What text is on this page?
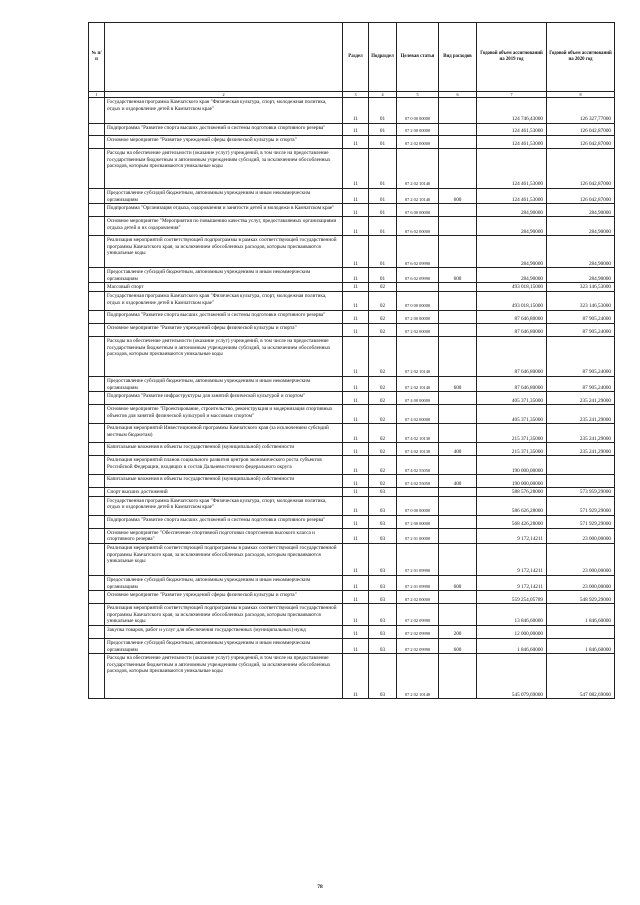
№ п/п		Раздел	Подраздел	Целевая статья	Вид расходов	Годовой объем ассигнований на 2019 год	Годовой объем ассигнований на 2020 год
1	2	3	4	5	6	7	8
	Государственная программа Камчатского края "Физическая культура, спорт, молодежная политика, отдых и оздоровление детей в Камчатском крае"	11	01	07 0 00 00000		124 746,43000	126 327,77000
	Подпрограмма "Развитие спорта высших достижений и системы подготовки спортивного резерва"	11	01	07 2 00 00000		124 461,53000	126 042,87000
	Основное мероприятие "Развитие учреждений сферы физической культуры и спорта"	11	01	07 2 02 00000		124 461,53000	126 042,87000
	Расходы на обеспечение деятельности (оказание услуг) учреждений, в том числе на предоставление государственным бюджетным и автономным учреждениям субсидий, за исключением обособленных расходов, которым присваиваются уникальные коды	11	01	07 2 02 10140		124 461,53000	126 042,87000
	Предоставление субсидий бюджетным, автономным учреждениям и иным некоммерческим организациям	11	01	07 2 02 10140	600	124 461,53000	126 042,87000
	Подпрограмма "Организация отдыха, оздоровления и занятости детей и молодежи в Камчатском крае"	11	01	07 6 00 00000		284,90000	284,90000
	Основное мероприятие "Мероприятия по повышению качества услуг, предоставляемых организациями отдыха детей и их оздоровления"	11	01	07 6 02 00000		284,90000	284,90000
	Реализация мероприятий соответствующей подпрограммы в рамках соответствующей государственной программы Камчатского края, за исключением обособленных расходов, которым присваиваются уникальные коды	11	01	07 6 02 09990		284,90000	284,90000
	Предоставление субсидий бюджетным, автономным учреждениям и иным некоммерческим организациям	11	01	07 6 02 09990	600	284,90000	284,90000
	Массовый спорт	11	02			493 018,15000	323 146,53000
	Государственная программа Камчатского края "Физическая культура, спорт, молодежная политика, отдых и оздоровление детей в Камчатском крае"	11	02	07 0 00 00000		493 018,15000	323 146,53000
	Подпрограмма "Развитие спорта высших достижений и системы подготовки спортивного резерва"	11	02	07 2 00 00000		87 646,80000	87 905,24000
	Основное мероприятие "Развитие учреждений сферы физической культуры и спорта"	11	02	07 2 02 00000		87 646,80000	87 905,24000
	Расходы на обеспечение деятельности (оказание услуг) учреждений, в том числе на предоставление государственным бюджетным и автономным учреждениям субсидий, за исключением обособленных расходов, которым присваиваются уникальные коды	11	02	07 2 02 10140		87 646,80000	87 905,24000
	Предоставление субсидий бюджетным, автономным учреждениям и иным некоммерческим организациям	11	02	07 2 02 10140	600	87 646,80000	87 905,24000
	Подпрограмма "Развитие инфраструктуры для занятий физической культурой и спортом"	11	02	07 4 00 00000		405 371,35000	235 241,29000
	Основное мероприятие "Проектирование, строительство, реконструкция и модернизация спортивных объектов для занятий физической культурой и массовым спортом"	11	02	07 4 02 00000		405 371,35000	235 241,29000
	Реализация мероприятий Инвестиционной программы Камчатского края (за исключением субсидий местным бюджетам)	11	02	07 4 02 10130		215 371,35000	235 241,29000
	Капитальные вложения в объекты государственной (муниципальной) собственности	11	02	07 4 02 10130	400	215 371,35000	235 241,29000
	Реализация мероприятий планов социального развития центров экономического роста субъектов Российской Федерации, входящих в состав Дальневосточного федерального округа	11	02	07 4 02 55050		190 000,00000	
	Капитальные вложения в объекты государственной (муниципальной) собственности	11	02	07 4 02 55050	400	190 000,00000	
	Спорт высших достижений	11	03			588 576,28000	573 959,29000
	Государственная программа Камчатского края "Физическая культура, спорт, молодежная политика, отдых и оздоровление детей в Камчатском крае"	11	03	07 0 00 00000		586 626,28000	571 929,29000
	Подпрограмма "Развитие спорта высших достижений и системы подготовки спортивного резерва"	11	03	07 2 00 00000		568 426,28000	571 929,29000
	Основное мероприятие "Обеспечение спортивной подготовки спортсменов высокого класса и спортивного резерва"	11	03	07 2 01 00000		9 172,14211	23 000,00000
	Реализация мероприятий соответствующей подпрограммы в рамках соответствующей государственной программы Камчатского края, за исключением обособленных расходов, которым присваиваются уникальные коды	11	03	07 2 01 09990		9 172,14211	23 000,00000
	Предоставление субсидий бюджетным, автономным учреждениям и иным некоммерческим организациям	11	03	07 2 01 09990	600	9 172,14211	23 000,00000
	Основное мероприятие "Развитие учреждений сферы физической культуры и спорта"	11	03	07 2 02 00000		559 254,05789	548 929,29000
	Реализация мероприятий соответствующей подпрограммы в рамках соответствующей государственной программы Камчатского края, за исключением обособленных расходов, которым присваиваются уникальные коды	11	03	07 2 02 09990		13 846,60000	1 846,60000
	Закупка товаров, работ и услуг для обеспечения государственных (муниципальных) нужд	11	03	07 2 02 09990	200	12 000,00000	
	Предоставление субсидий бюджетным, автономным учреждениям и иным некоммерческим организациям	11	03	07 2 02 09990	600	1 846,60000	1 846,60000
	Расходы на обеспечение деятельности (оказание услуг) учреждений, в том числе на предоставление государственным бюджетным и автономным учреждениям субсидий, за исключением обособленных расходов, которым присваиваются уникальные коды	11	03	07 2 02 10140		545 079,69000	547 082,69000
78
